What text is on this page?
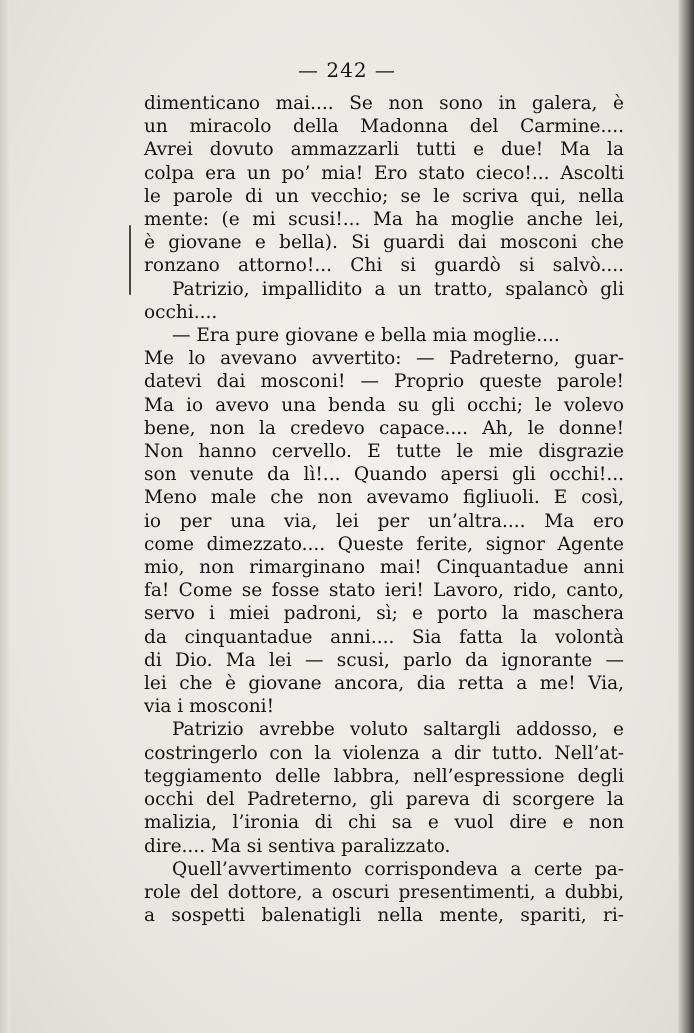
— 242 —
dimenticano mai.... Se non sono in galera, è
un miracolo della Madonna del Carmine....
Avrei dovuto ammazzarli tutti e due! Ma la
colpa era un po’ mia! Ero stato cieco!... Ascolti
le parole di un vecchio; se le scriva qui, nella
mente: (e mi scusi!... Ma ha moglie anche lei,
è giovane e bella). Si guardi dai mosconi che
ronzano attorno!... Chi si guardò si salvò....
Patrizio, impallidito a un tratto, spalancò gli
occhi....
— Era pure giovane e bella mia moglie....
Me lo avevano avvertito: — Padreterno, guar-
datevi dai mosconi! — Proprio queste parole!
Ma io avevo una benda su gli occhi; le volevo
bene, non la credevo capace.... Ah, le donne!
Non hanno cervello. E tutte le mie disgrazie
son venute da lì!... Quando apersi gli occhi!...
Meno male che non avevamo figliuoli. E così,
io per una via, lei per un’altra.... Ma ero
come dimezzato.... Queste ferite, signor Agente
mio, non rimarginano mai! Cinquantadue anni
fa! Come se fosse stato ieri! Lavoro, rido, canto,
servo i miei padroni, sì; e porto la maschera
da cinquantadue anni.... Sia fatta la volontà
di Dio. Ma lei — scusi, parlo da ignorante —
lei che è giovane ancora, dia retta a me! Via,
via i mosconi!
Patrizio avrebbe voluto saltargli addosso, e
costringerlo con la violenza a dir tutto. Nell’at-
teggiamento delle labbra, nell’espressione degli
occhi del Padreterno, gli pareva di scorgere la
malizia, l’ironia di chi sa e vuol dire e non
dire.... Ma si sentiva paralizzato.
Quell’avvertimento corrispondeva a certe pa-
role del dottore, a oscuri presentimenti, a dubbi,
a sospetti balenatigli nella mente, spariti, ri-
